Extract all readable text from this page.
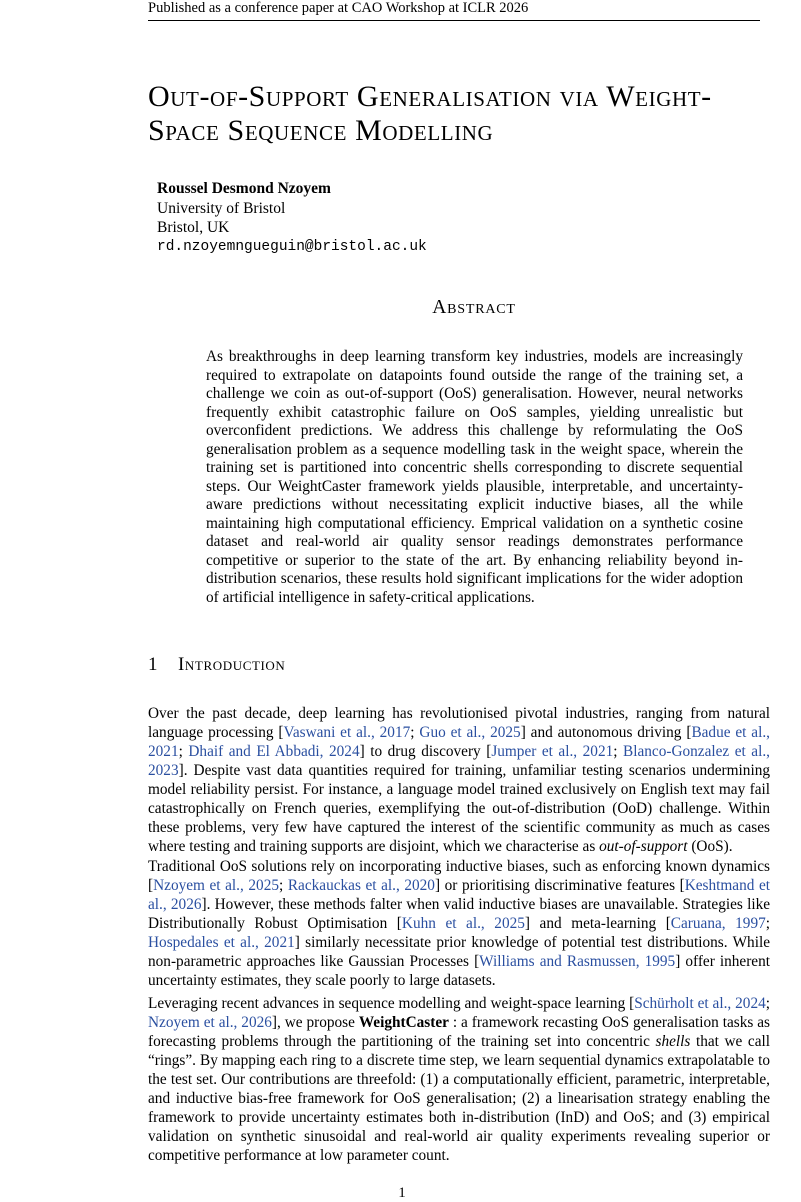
Published as a conference paper at CAO Workshop at ICLR 2026
Out-of-Support Generalisation via Weight-
Space Sequence Modelling
Roussel Desmond Nzoyem
University of Bristol
Bristol, UK
rd.nzoyemngueguin@bristol.ac.uk
Abstract

As breakthroughs in deep learning transform key industries, models are increasingly required to extrapolate on datapoints found outside the range of the training set, a challenge we coin as out-of-support (OoS) generalisation. However, neural networks frequently exhibit catastrophic failure on OoS samples, yielding unrealistic but overconfident predictions. We address this challenge by reformulating the OoS generalisation problem as a sequence modelling task in the weight space, wherein the training set is partitioned into concentric shells corresponding to discrete sequential steps. Our WeightCaster framework yields plausible, interpretable, and uncertainty-aware predictions without necessitating explicit inductive biases, all the while maintaining high computational efficiency. Emprical validation on a synthetic cosine dataset and real-world air quality sensor readings demonstrates performance competitive or superior to the state of the art. By enhancing reliability beyond in-distribution scenarios, these results hold significant implications for the wider adoption of artificial intelligence in safety-critical applications.

1 Introduction

Over the past decade, deep learning has revolutionised pivotal industries, ranging from natural language processing [Vaswani et al., 2017; Guo et al., 2025] and autonomous driving [Badue et al., 2021; Dhaif and El Abbadi, 2024] to drug discovery [Jumper et al., 2021; Blanco-Gonzalez et al., 2023]. Despite vast data quantities required for training, unfamiliar testing scenarios undermining model reliability persist. For instance, a language model trained exclusively on English text may fail catastrophically on French queries, exemplifying the out-of-distribution (OoD) challenge. Within these problems, very few have captured the interest of the scientific community as much as cases where testing and training supports are disjoint, which we characterise as out-of-support (OoS).

Traditional OoS solutions rely on incorporating inductive biases, such as enforcing known dynamics [Nzoyem et al., 2025; Rackauckas et al., 2020] or prioritising discriminative features [Keshtmand et al., 2026]. However, these methods falter when valid inductive biases are unavailable. Strategies like Distributionally Robust Optimisation [Kuhn et al., 2025] and meta-learning [Caruana, 1997; Hospedales et al., 2021] similarly necessitate prior knowledge of potential test distributions. While non-parametric approaches like Gaussian Processes [Williams and Rasmussen, 1995] offer inherent uncertainty estimates, they scale poorly to large datasets.

Leveraging recent advances in sequence modelling and weight-space learning [Schürholt et al., 2024; Nzoyem et al., 2026], we propose WeightCaster : a framework recasting OoS generalisation tasks as forecasting problems through the partitioning of the training set into concentric shells that we call “rings”. By mapping each ring to a discrete time step, we learn sequential dynamics extrapolatable to the test set. Our contributions are threefold: (1) a computationally efficient, parametric, interpretable, and inductive bias-free framework for OoS generalisation; (2) a linearisation strategy enabling the framework to provide uncertainty estimates both in-distribution (InD) and OoS; and (3) empirical validation on synthetic sinusoidal and real-world air quality experiments revealing superior or competitive performance at low parameter count.

1
